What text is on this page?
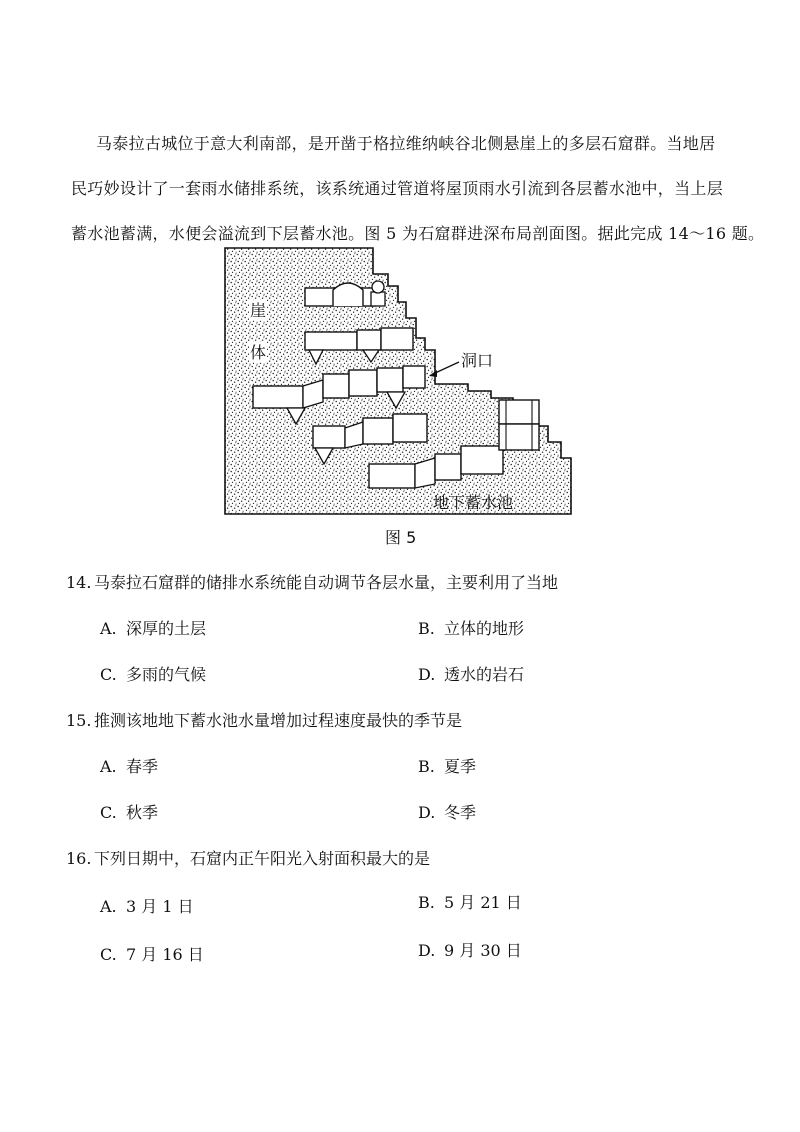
马泰拉古城位于意大利南部，是开凿于格拉维纳峡谷北侧悬崖上的多层石窟群。当地居

民巧妙设计了一套雨水储排系统，该系统通过管道将屋顶雨水引流到各层蓄水池中，当上层

蓄水池蓄满，水便会溢流到下层蓄水池。图 5 为石窟群进深布局剖面图。据此完成 14～16 题。

崖
体	洞口
地下蓄水池
图 5
14. 马泰拉石窟群的储排水系统能自动调节各层水量，主要利用了当地
A. 深厚的土层	B. 立体的地形
C. 多雨的气候	D. 透水的岩石
15. 推测该地地下蓄水池水量增加过程速度最快的季节是
A. 春季	B. 夏季
C. 秋季	D. 冬季
16. 下列日期中，石窟内正午阳光入射面积最大的是
A. 3 月 1 日	B. 5 月 21 日
C. 7 月 16 日	D. 9 月 30 日
